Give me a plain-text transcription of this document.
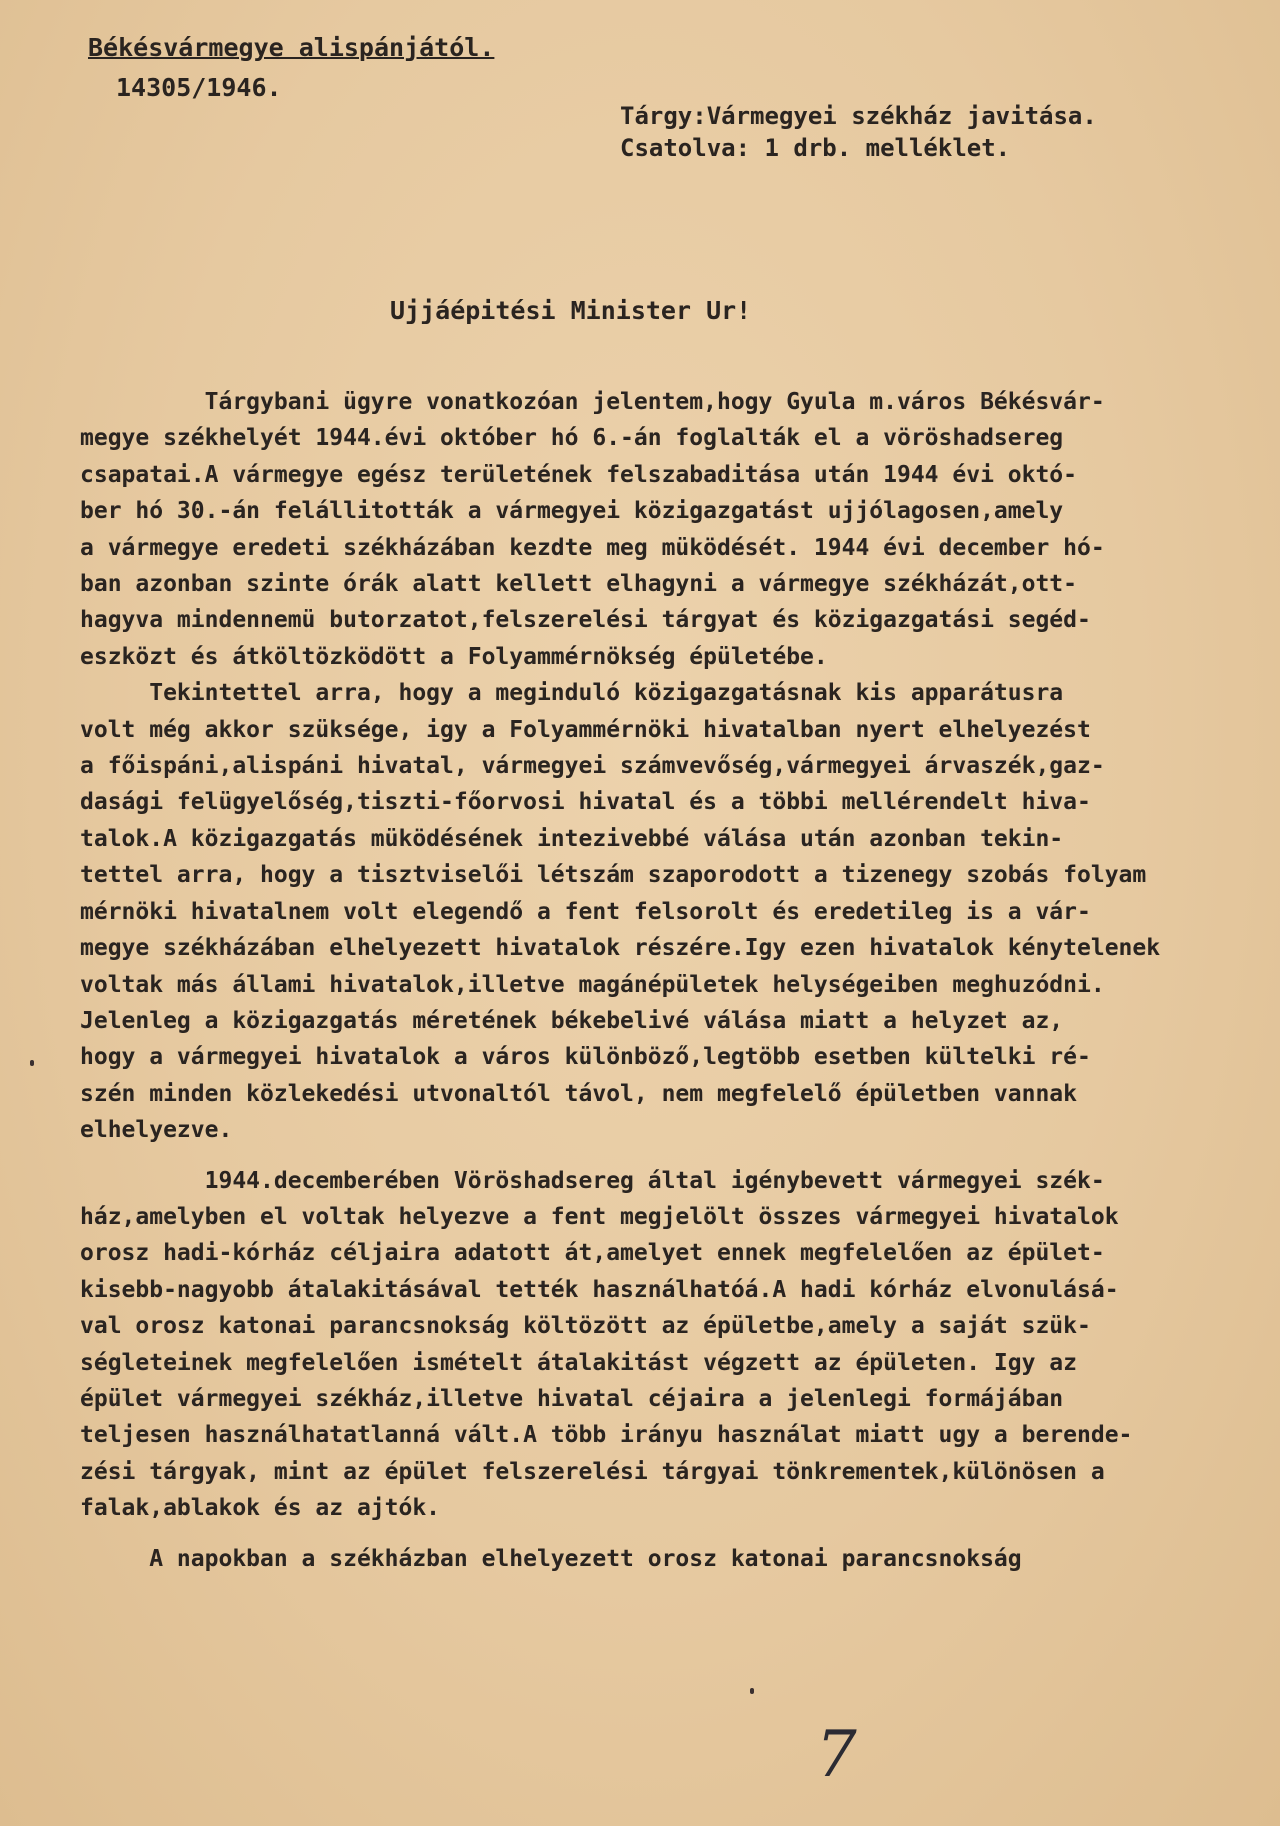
Békésvármegye alispánjától.
14305/1946.
Tárgy:Vármegyei székház javitása.
Csatolva: 1 drb. melléklet.
Ujjáépitési Minister Ur!
Tárgybani ügyre vonatkozóan jelentem,hogy Gyula m.város Békésvár-
megye székhelyét 1944.évi október hó 6.-án foglalták el a vöröshadsereg
csapatai.A vármegye egész területének felszabaditása után 1944 évi októ-
ber hó 30.-án felállitották a vármegyei közigazgatást ujjólagosen,amely
a vármegye eredeti székházában kezdte meg müködését. 1944 évi december hó-
ban azonban szinte órák alatt kellett elhagyni a vármegye székházát,ott-
hagyva mindennemü butorzatot,felszerelési tárgyat és közigazgatási segéd-
eszközt és átköltözködött a Folyammérnökség épületébe.
Tekintettel arra, hogy a meginduló közigazgatásnak kis apparátusra
volt még akkor szüksége, igy a Folyammérnöki hivatalban nyert elhelyezést
a főispáni,alispáni hivatal, vármegyei számvevőség,vármegyei árvaszék,gaz-
dasági felügyelőség,tiszti-főorvosi hivatal és a többi mellérendelt hiva-
talok.A közigazgatás müködésének intezivebbé válása után azonban tekin-
tettel arra, hogy a tisztviselői létszám szaporodott a tizenegy szobás folyam
mérnöki hivatalnem volt elegendő a fent felsorolt és eredetileg is a vár-
megye székházában elhelyezett hivatalok részére.Igy ezen hivatalok kénytelenek
voltak más állami hivatalok,illetve magánépületek helységeiben meghuzódni.
Jelenleg a közigazgatás méretének békebelivé válása miatt a helyzet az,
hogy a vármegyei hivatalok a város különböző,legtöbb esetben kültelki ré-
szén minden közlekedési utvonaltól távol, nem megfelelő épületben vannak
elhelyezve.
1944.decemberében Vöröshadsereg által igénybevett vármegyei szék-
ház,amelyben el voltak helyezve a fent megjelölt összes vármegyei hivatalok
orosz hadi-kórház céljaira adatott át,amelyet ennek megfelelően az épület-
kisebb-nagyobb átalakitásával tették használhatóá.A hadi kórház elvonulásá-
val orosz katonai parancsnokság költözött az épületbe,amely a saját szük-
ségleteinek megfelelően ismételt átalakitást végzett az épületen. Igy az
épület vármegyei székház,illetve hivatal céjaira a jelenlegi formájában
teljesen használhatatlanná vált.A több irányu használat miatt ugy a berende-
zési tárgyak, mint az épület felszerelési tárgyai tönkrementek,különösen a
falak,ablakok és az ajtók.
A napokban a székházban elhelyezett orosz katonai parancsnokság
7
